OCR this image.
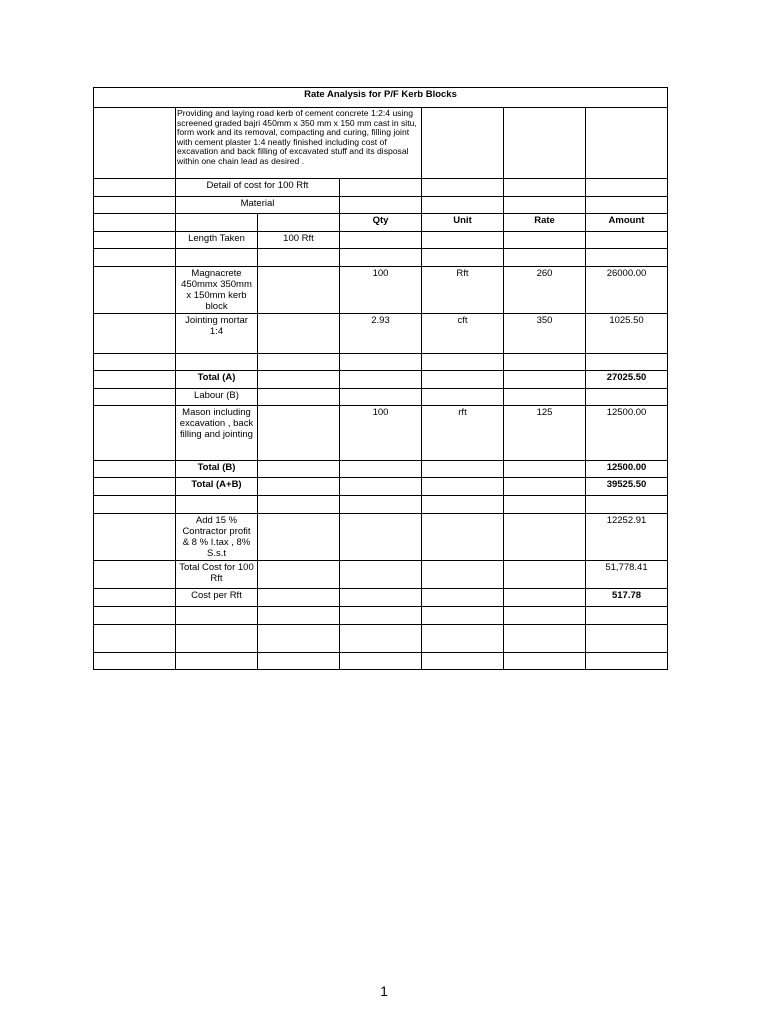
Rate Analysis for P/F Kerb Blocks						
	Providing and laying road kerb of cement concrete 1:2:4 using screened graded bajri 450mm x 350 mm x 150 mm cast in situ, form work and its removal, compacting and curing, filling joint with cement plaster 1:4 neatly finished including cost of excavation and back filling of excavated stuff and its disposal within one chain lead as desired .					
	Detail of cost for 100 Rft					
	Material					
			Qty	Unit	Rate	Amount
	Length Taken	100 Rft				

	Magnacrete 450mmx 350mm x 150mm kerb block		100	Rft	260	26000.00
	Jointing mortar 1:4		2.93	cft	350	1025.50

	Total (A)					27025.50
	Labour (B)					
	Mason including excavation , back filling and jointing		100	rft	125	12500.00
	Total (B)					12500.00
	Total (A+B)					39525.50

	Add 15 % Contractor profit & 8 % I.tax , 8% S.s.t					12252.91
	Total Cost for 100 Rft					51,778.41
	Cost per Rft					517.78

1
